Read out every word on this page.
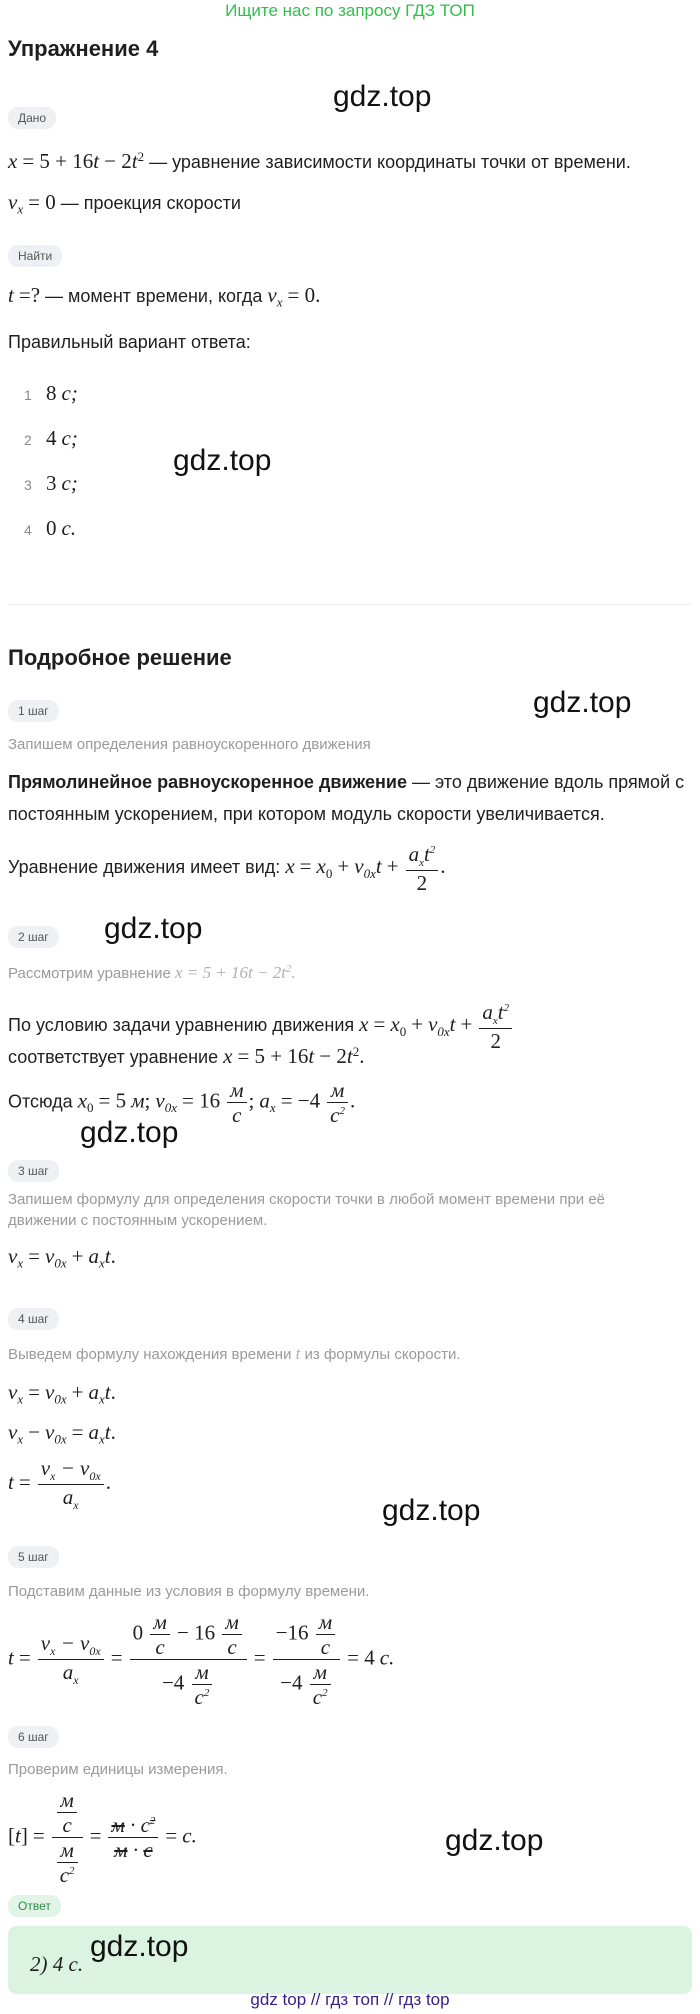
Ищите нас по запросу ГДЗ ТОП
Упражнение 4
gdz.top
Дано
$x = 5 + 16t - 2t^2$ — уравнение зависимости координаты точки от времени.
$v_x = 0$ — проекция скорости
Найти
t =? — момент времени, когда $v_x = 0$.
Правильный вариант ответа:
1 8 с;
2 4 с;
gdz.top
3 3 с;
4 0 с.
Подробное решение
gdz.top
1 шаг
Запишем определения равноускоренного движения
Прямолинейное равноускоренное движение — это движение вдоль прямой с
постоянным ускорением, при котором модуль скорости увеличивается.
Уравнение движения имеет вид: $x = x_0 + v_{0x}t + \frac{a_xt^2}{2}$ .
2 шаг	gdz.top
Рассмотрим уравнение $x = 5 + 16t - 2t^2$.
По условию задачи уравнению движения $x = x_0 + v_{0x}t + \frac{a_xt^2}{2}$
соответствует уравнение $x = 5 + 16t - 2t^2$.
Отсюда $x_0 = 5$ м; $v_{0x} = 16 \frac{м}{с}$ ; $a_x = -4 \frac{м}{с^2}$ .
gdz.top
3 шаг
Запишем формулу для определения скорости точки в любой момент времени при её
движении с постоянным ускорением.
$v_x = v_{0x} + a_xt$.
4 шаг
Выведем формулу нахождения времени t из формулы скорости.
$v_x = v_{0x} + a_xt$.
$v_x - v_{0x} = a_xt$.
$t = \frac{v_x - v_{0x}}{a_x}$ .
gdz.top
5 шаг
Подставим данные из условия в формулу времени.
$t = \frac{v_x - v_{0x}}{a_x} = \frac{0 \frac{м}{с} - 16 \frac{м}{с}}{-4 \frac{м}{с^2}} = \frac{-16 \frac{м}{с}}{-4 \frac{м}{с^2}} = 4$ с.
6 шаг
Проверим единицы измерения.
$[t] = \frac{\frac{м}{с}}{\frac{м}{с^2}} = \frac{м \cdot с^2}{м \cdot с} = с$.	gdz.top
Ответ
2) 4 с.
gdz.top
gdz top // гдз топ // гдз top
